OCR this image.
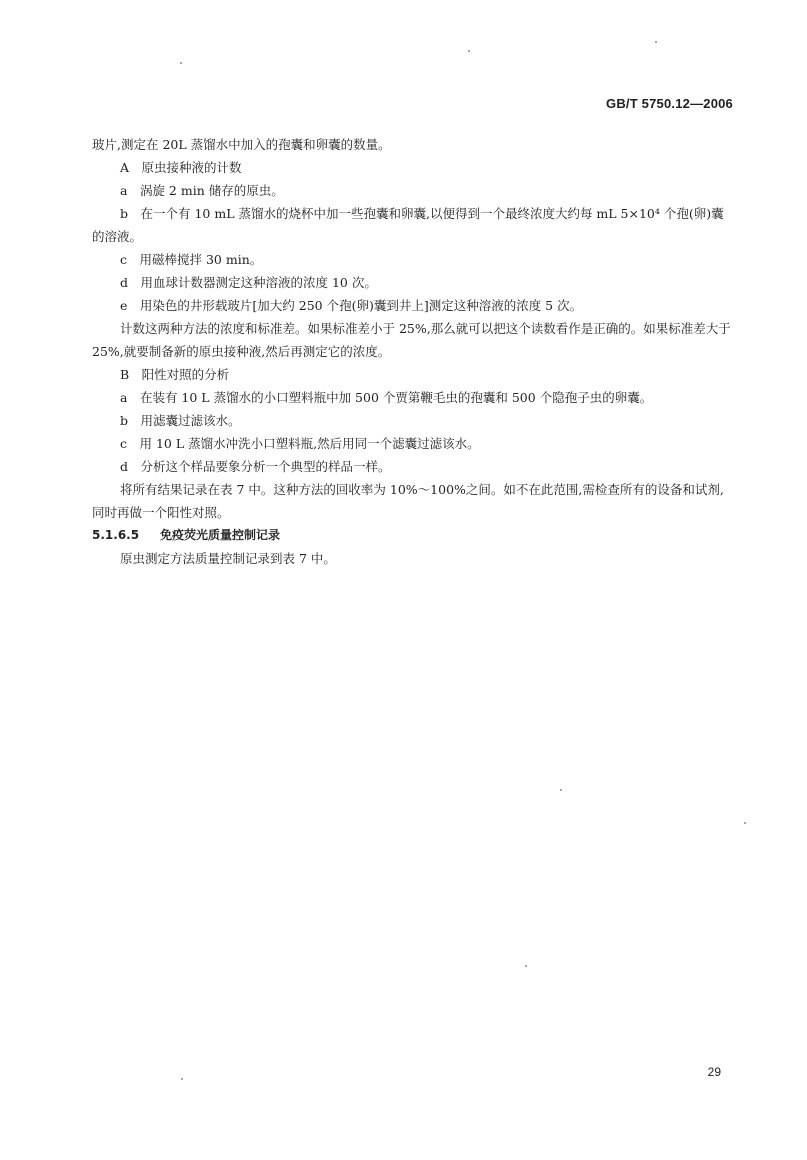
GB/T 5750.12—2006

玻片,测定在 20L 蒸馏水中加入的孢囊和卵囊的数量。

A　原虫接种液的计数

a　涡旋 2 min 储存的原虫。

b　在一个有 10 mL 蒸馏水的烧杯中加一些孢囊和卵囊,以便得到一个最终浓度大约每 mL 5×10⁴ 个孢(卵)囊的溶液。

c　用磁棒搅拌 30 min。

d　用血球计数器测定这种溶液的浓度 10 次。

e　用染色的井形载玻片[加大约 250 个孢(卵)囊到井上]测定这种溶液的浓度 5 次。

计数这两种方法的浓度和标准差。如果标准差小于 25%,那么就可以把这个读数看作是正确的。如果标准差大于 25%,就要制备新的原虫接种液,然后再测定它的浓度。

B　阳性对照的分析

a　在装有 10 L 蒸馏水的小口塑料瓶中加 500 个贾第鞭毛虫的孢囊和 500 个隐孢子虫的卵囊。

b　用滤囊过滤该水。

c　用 10 L 蒸馏水冲洗小口塑料瓶,然后用同一个滤囊过滤该水。

d　分析这个样品要象分析一个典型的样品一样。

将所有结果记录在表 7 中。这种方法的回收率为 10%～100%之间。如不在此范围,需检查所有的设备和试剂,同时再做一个阳性对照。

5.1.6.5 免疫荧光质量控制记录

原虫测定方法质量控制记录到表 7 中。

29
